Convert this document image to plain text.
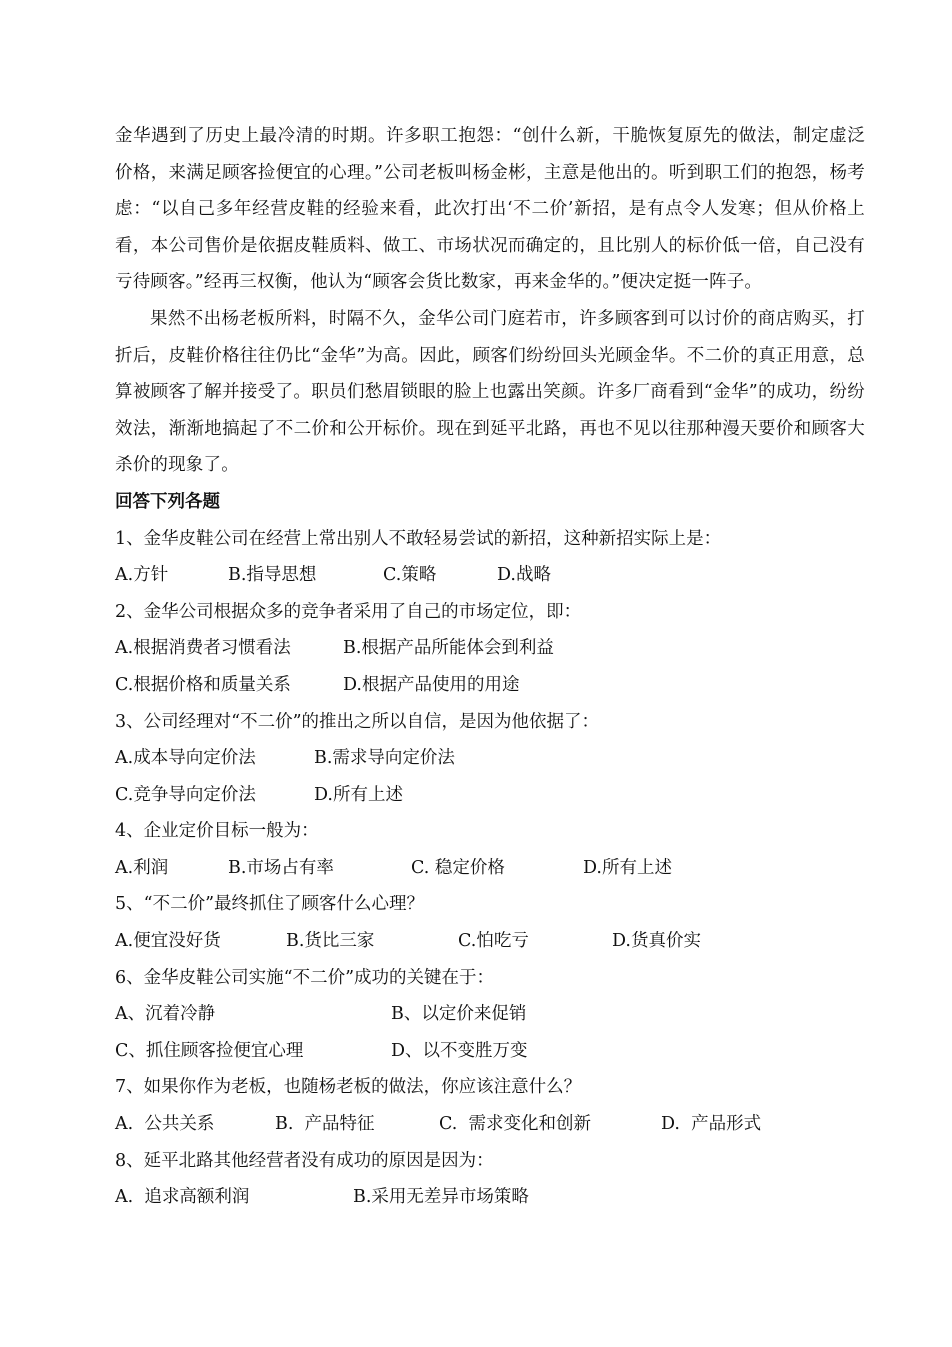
金华遇到了历史上最冷清的时期。许多职工抱怨：“创什么新，干脆恢复原先的做法，制定虚泛价格，来满足顾客捡便宜的心理。”公司老板叫杨金彬，主意是他出的。听到职工们的抱怨，杨考虑：“以自己多年经营皮鞋的经验来看，此次打出‘不二价’新招，是有点令人发寒；但从价格上看，本公司售价是依据皮鞋质料、做工、市场状况而确定的，且比别人的标价低一倍，自己没有亏待顾客。”经再三权衡，他认为“顾客会货比数家，再来金华的。”便决定挺一阵子。

果然不出杨老板所料，时隔不久，金华公司门庭若市，许多顾客到可以讨价的商店购买，打折后，皮鞋价格往往仍比“金华”为高。因此，顾客们纷纷回头光顾金华。不二价的真正用意，总算被顾客了解并接受了。职员们愁眉锁眼的脸上也露出笑颜。许多厂商看到“金华”的成功，纷纷效法，渐渐地搞起了不二价和公开标价。现在到延平北路，再也不见以往那种漫天要价和顾客大杀价的现象了。

回答下列各题

1、金华皮鞋公司在经营上常出别人不敢轻易尝试的新招，这种新招实际上是：

A.方针	B.指导思想	C.策略	D.战略

2、金华公司根据众多的竞争者采用了自己的市场定位，即：

A.根据消费者习惯看法	B.根据产品所能体会到利益
C.根据价格和质量关系	D.根据产品使用的用途

3、公司经理对“不二价”的推出之所以自信，是因为他依据了：

A.成本导向定价法	B.需求导向定价法
C.竞争导向定价法	D.所有上述

4、企业定价目标一般为：

A.利润	B.市场占有率	C. 稳定价格	D.所有上述

5、“不二价”最终抓住了顾客什么心理？

A.便宜没好货	B.货比三家	C.怕吃亏	D.货真价实

6、金华皮鞋公司实施“不二价”成功的关键在于：

A、沉着冷静	B、以定价来促销
C、抓住顾客捡便宜心理	D、以不变胜万变

7、如果你作为老板，也随杨老板的做法，你应该注意什么？

A.  公共关系	B.  产品特征	C.  需求变化和创新	D.  产品形式

8、延平北路其他经营者没有成功的原因是因为：

A.  追求高额利润	B.采用无差异市场策略
